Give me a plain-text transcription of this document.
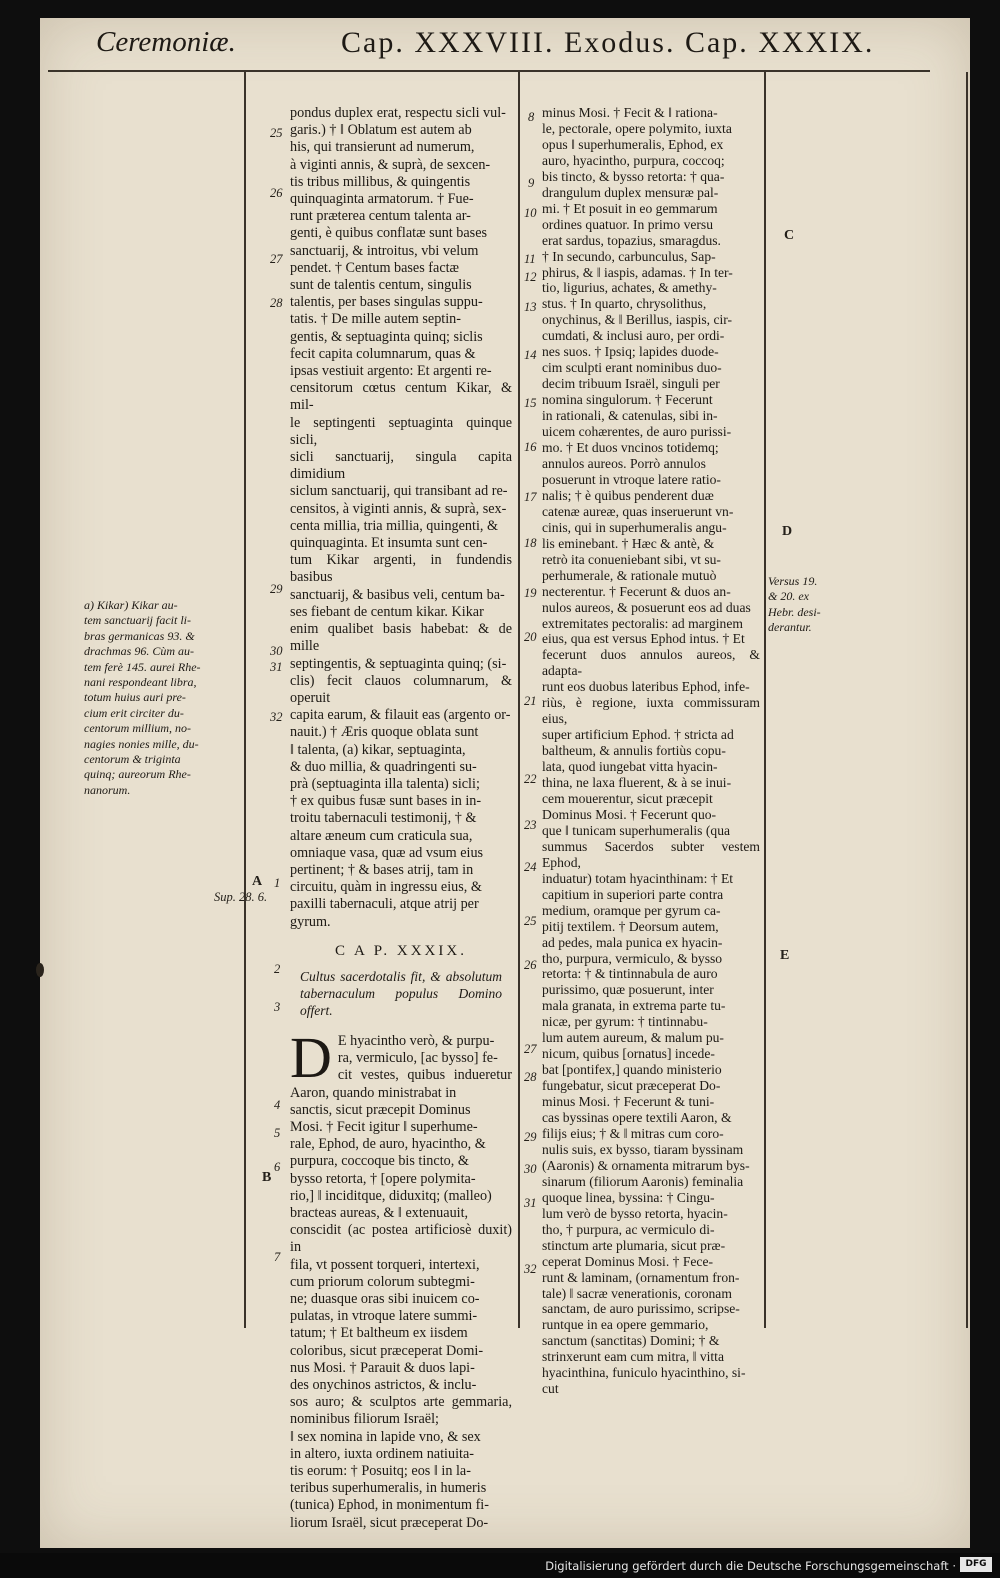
Ceremoniæ.	Cap. XXXVIII. Exodus. Cap. XXXIX.
a) Kikar) Kikar au-
tem sanctuarij facit li-
bras germanicas 93. &
drachmas 96. Cùm au-
tem ferè 145. aurei Rhe-
nani respondeant libra,
totum huius auri pre-
cium erit circiter du-
centorum millium, no-
nagies nonies mille, du-
centorum & triginta
quinq; aureorum Rhe-
nanorum.
Versus 19.
& 20. ex
Hebr. desi-
derantur.
Sup. 28. 6.
A
B
C
D
E
25
26
27
28
29
30
31
32
1
2
3
4
5
6
7
8
9
10
11
12
13
14
15
16
17
18
19
20
21
22
23
24
25
26
27
28
29
30
31
32

pondus duplex erat, respectu sicli vul-

garis.) † ‖ Oblatum est autem ab

his, qui transierunt ad numerum,

à viginti annis, & suprà, de sexcen-

tis tribus millibus, & quingentis

quinquaginta armatorum. † Fue-

runt præterea centum talenta ar-

genti, è quibus conflatæ sunt bases

sanctuarij, & introitus, vbi velum

pendet. † Centum bases factæ

sunt de talentis centum, singulis

talentis, per bases singulas suppu-

tatis. † De mille autem septin-

gentis, & septuaginta quinq; siclis

fecit capita columnarum, quas &

ipsas vestiuit argento: Et argenti re-

censitorum cœtus centum Kikar, & mil-

le septingenti septuaginta quinque sicli,

sicli sanctuarij, singula capita dimidium

siclum sanctuarij, qui transibant ad re-

censitos, à viginti annis, & suprà, sex-

centa millia, tria millia, quingenti, &

quinquaginta. Et insumta sunt cen-

tum Kikar argenti, in fundendis basibus

sanctuarij, & basibus veli, centum ba-

ses fiebant de centum kikar. Kikar

enim qualibet basis habebat: & de mille

septingentis, & septuaginta quinq; (si-

clis) fecit clauos columnarum, & operuit

capita earum, & filauit eas (argento or-

nauit.) † Æris quoque oblata sunt

‖ talenta, (a) kikar, septuaginta,

& duo millia, & quadringenti su-

prà (septuaginta illa talenta) sicli;

† ex quibus fusæ sunt bases in in-

troitu tabernaculi testimonij, † &

altare æneum cum craticula sua,

omniaque vasa, quæ ad vsum eius

pertinent; † & bases atrij, tam in

circuitu, quàm in ingressu eius, &

paxilli tabernaculi, atque atrij per

gyrum.

C A P. XXXIX.
Cultus sacerdotalis fit, & absolutum tabernaculum populus Domino offert.
D E hyacintho verò, & purpu-

ra, vermiculo, [ac bysso] fe-

cit vestes, quibus indueretur Aaron, quando ministrabat in

sanctis, sicut præcepit Dominus

Mosi. † Fecit igitur ‖ superhume-

rale, Ephod, de auro, hyacintho, &

purpura, coccoque bis tincto, &

bysso retorta, † [opere polymita-

rio,] ‖ inciditque, diduxitq; (malleo)

bracteas aureas, & ‖ extenuauit,

conscidit (ac postea artificiosè duxit) in

fila, vt possent torqueri, intertexi,

cum priorum colorum subtegmi-

ne; duasque oras sibi inuicem co-

pulatas, in vtroque latere summi-

tatum; † Et baltheum ex iisdem

coloribus, sicut præceperat Domi-

nus Mosi. † Parauit & duos lapi-

des onychinos astrictos, & inclu-

sos auro; & sculptos arte gemmaria, nominibus filiorum Israël;

‖ sex nomina in lapide vno, & sex

in altero, iuxta ordinem natiuita-

tis eorum: † Posuitq; eos ‖ in la-

teribus superhumeralis, in humeris

(tunica) Ephod, in monimentum fi-

liorum Israël, sicut præceperat Do-

minus Mosi. † Fecit & ‖ rationa-

le, pectorale, opere polymito, iuxta

opus ‖ superhumeralis, Ephod, ex

auro, hyacintho, purpura, coccoq;

bis tincto, & bysso retorta: † qua-

drangulum duplex mensuræ pal-

mi. † Et posuit in eo gemmarum

ordines quatuor. In primo versu

erat sardus, topazius, smaragdus.

† In secundo, carbunculus, Sap-

phirus, & ‖ iaspis, adamas. † In ter-

tio, ligurius, achates, & amethy-

stus. † In quarto, chrysolithus,

onychinus, & ‖ Berillus, iaspis, cir-

cumdati, & inclusi auro, per ordi-

nes suos. † Ipsiq; lapides duode-

cim sculpti erant nominibus duo-

decim tribuum Israël, singuli per

nomina singulorum. † Fecerunt

in rationali, & catenulas, sibi in-

uicem cohærentes, de auro purissi-

mo. † Et duos vncinos totidemq;

annulos aureos. Porrò annulos

posuerunt in vtroque latere ratio-

nalis; † è quibus penderent duæ

catenæ aureæ, quas inseruerunt vn-

cinis, qui in superhumeralis angu-

lis eminebant. † Hæc & antè, &

retrò ita conueniebant sibi, vt su-

perhumerale, & rationale mutuò

necterentur. † Fecerunt & duos an-

nulos aureos, & posuerunt eos ad duas

extremitates pectoralis: ad marginem

eius, qua est versus Ephod intus. † Et

fecerunt duos annulos aureos, & adapta-

runt eos duobus lateribus Ephod, infe-

riùs, è regione, iuxta commissuram eius,

super artificium Ephod. † stricta ad

baltheum, & annulis fortiùs copu-

lata, quod iungebat vitta hyacin-

thina, ne laxa fluerent, & à se inui-

cem mouerentur, sicut præcepit

Dominus Mosi. † Fecerunt quo-

que ‖ tunicam superhumeralis (qua

summus Sacerdos subter vestem Ephod,

induatur) totam hyacinthinam: † Et

capitium in superiori parte contra

medium, oramque per gyrum ca-

pitij textilem. † Deorsum autem,

ad pedes, mala punica ex hyacin-

tho, purpura, vermiculo, & bysso

retorta: † & tintinnabula de auro

purissimo, quæ posuerunt, inter

mala granata, in extrema parte tu-

nicæ, per gyrum: † tintinnabu-

lum autem aureum, & malum pu-

nicum, quibus [ornatus] incede-

bat [pontifex,] quando ministerio

fungebatur, sicut præceperat Do-

minus Mosi. † Fecerunt & tuni-

cas byssinas opere textili Aaron, &

filijs eius; † & ‖ mitras cum coro-

nulis suis, ex bysso, tiaram byssinam

(Aaronis) & ornamenta mitrarum bys-

sinarum (filiorum Aaronis) feminalia

quoque linea, byssina: † Cingu-

lum verò de bysso retorta, hyacin-

tho, † purpura, ac vermiculo di-

stinctum arte plumaria, sicut præ-

ceperat Dominus Mosi. † Fece-

runt & laminam, (ornamentum fron-

tale) ‖ sacræ venerationis, coronam

sanctam, de auro purissimo, scripse-

runtque in ea opere gemmario,

sanctum (sanctitas) Domini; † &

strinxerunt eam cum mitra, ‖ vitta

hyacinthina, funiculo hyacinthino, si-

cut

Digitalisierung gefördert durch die Deutsche Forschungsgemeinschaft ·	DFG
